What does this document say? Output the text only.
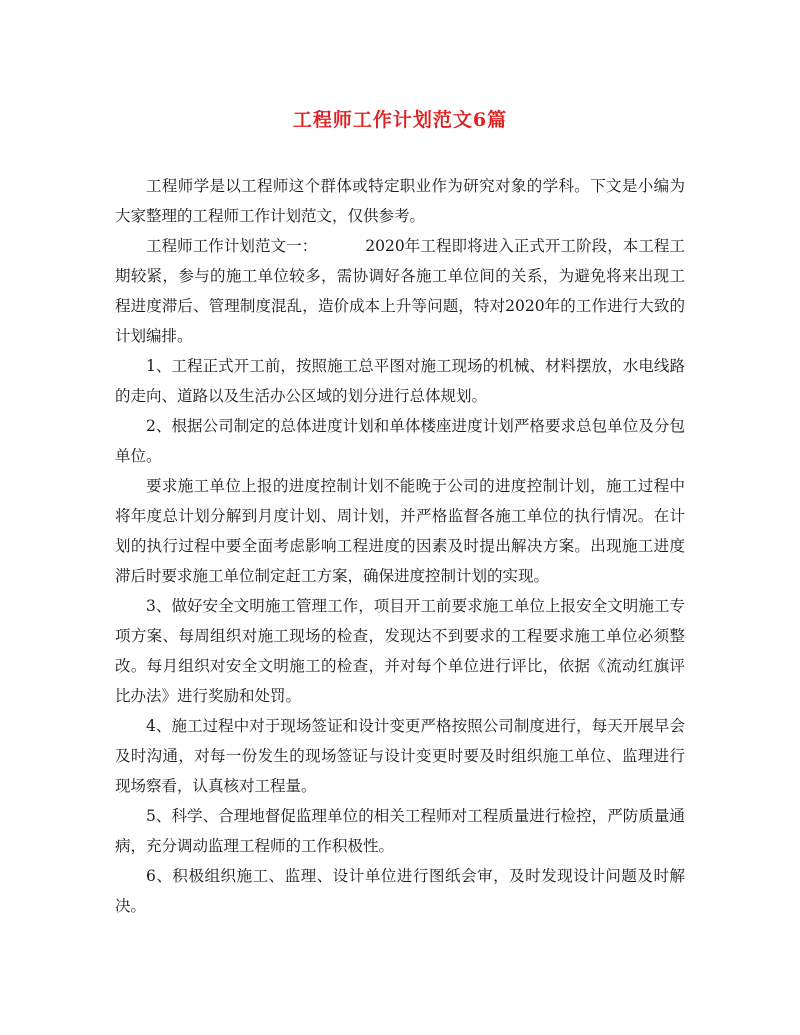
工程师工作计划范文6篇

工程师学是以工程师这个群体或特定职业作为研究对象的学科。下文是小编为大家整理的工程师工作计划范文，仅供参考。

工程师工作计划范文一：	2020年工程即将进入正式开工阶段，本工程工期较紧，参与的施工单位较多，需协调好各施工单位间的关系，为避免将来出现工程进度滞后、管理制度混乱，造价成本上升等问题，特对2020年的工作进行大致的计划编排。

1、工程正式开工前，按照施工总平图对施工现场的机械、材料摆放，水电线路的走向、道路以及生活办公区域的划分进行总体规划。

2、根据公司制定的总体进度计划和单体楼座进度计划严格要求总包单位及分包单位。

要求施工单位上报的进度控制计划不能晚于公司的进度控制计划，施工过程中将年度总计划分解到月度计划、周计划，并严格监督各施工单位的执行情况。在计划的执行过程中要全面考虑影响工程进度的因素及时提出解决方案。出现施工进度滞后时要求施工单位制定赶工方案，确保进度控制计划的实现。

3、做好安全文明施工管理工作，项目开工前要求施工单位上报安全文明施工专项方案、每周组织对施工现场的检查，发现达不到要求的工程要求施工单位必须整改。每月组织对安全文明施工的检查，并对每个单位进行评比，依据《流动红旗评比办法》进行奖励和处罚。

4、施工过程中对于现场签证和设计变更严格按照公司制度进行，每天开展早会及时沟通，对每一份发生的现场签证与设计变更时要及时组织施工单位、监理进行现场察看，认真核对工程量。

5、科学、合理地督促监理单位的相关工程师对工程质量进行检控，严防质量通病，充分调动监理工程师的工作积极性。

6、积极组织施工、监理、设计单位进行图纸会审，及时发现设计问题及时解决。
